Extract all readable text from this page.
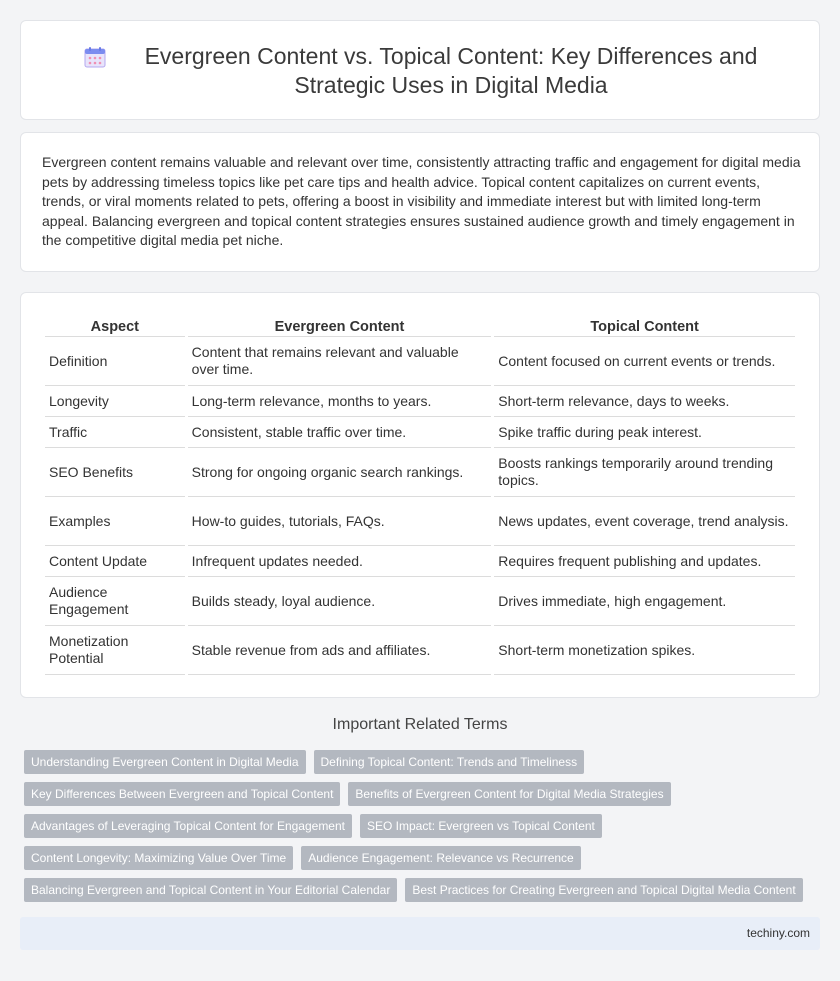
Evergreen Content vs. Topical Content: Key Differences and Strategic Uses in Digital Media

Evergreen content remains valuable and relevant over time, consistently attracting traffic and engagement for digital media pets by addressing timeless topics like pet care tips and health advice. Topical content capitalizes on current events, trends, or viral moments related to pets, offering a boost in visibility and immediate interest but with limited long-term appeal. Balancing evergreen and topical content strategies ensures sustained audience growth and timely engagement in the competitive digital media pet niche.

Aspect	Evergreen Content	Topical Content
Definition	Content that remains relevant and valuable over time.	Content focused on current events or trends.
Longevity	Long-term relevance, months to years.	Short-term relevance, days to weeks.
Traffic	Consistent, stable traffic over time.	Spike traffic during peak interest.
SEO Benefits	Strong for ongoing organic search rankings.	Boosts rankings temporarily around trending topics.
Examples	How-to guides, tutorials, FAQs.	News updates, event coverage, trend analysis.
Content Update	Infrequent updates needed.	Requires frequent publishing and updates.
Audience Engagement	Builds steady, loyal audience.	Drives immediate, high engagement.
Monetization Potential	Stable revenue from ads and affiliates.	Short-term monetization spikes.
Important Related Terms
Understanding Evergreen Content in Digital Media	Defining Topical Content: Trends and Timeliness
Key Differences Between Evergreen and Topical Content	Benefits of Evergreen Content for Digital Media Strategies
Advantages of Leveraging Topical Content for Engagement	SEO Impact: Evergreen vs Topical Content
Content Longevity: Maximizing Value Over Time	Audience Engagement: Relevance vs Recurrence
Balancing Evergreen and Topical Content in Your Editorial Calendar	Best Practices for Creating Evergreen and Topical Digital Media Content
techiny.com
